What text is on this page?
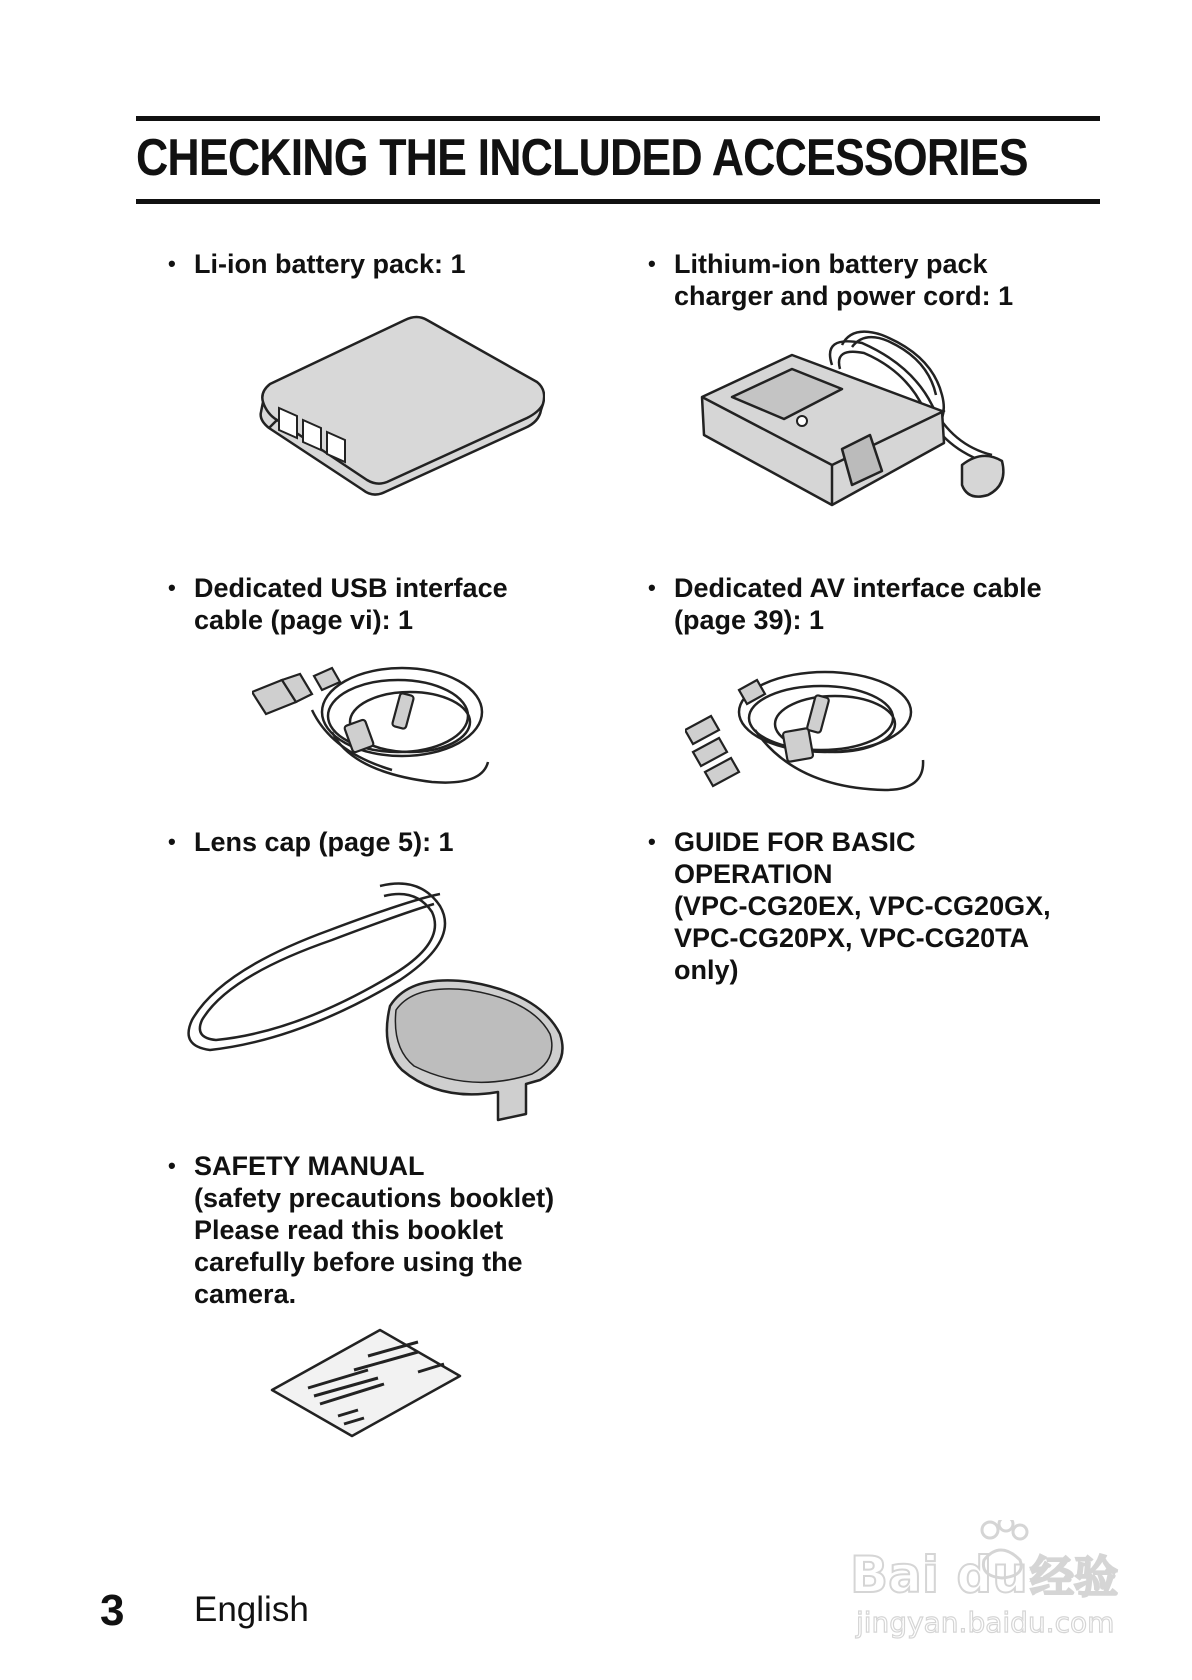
CHECKING THE INCLUDED ACCESSORIES
• Li-ion battery pack: 1	• Lithium-ion battery pack
charger and power cord: 1
• Dedicated USB interface
cable (page vi): 1
• Dedicated AV interface cable
(page 39): 1
• Lens cap (page 5): 1	• GUIDE FOR BASIC
OPERATION
(VPC-CG20EX, VPC-CG20GX,
VPC-CG20PX, VPC-CG20TA
only)
• SAFETY MANUAL
(safety precautions booklet)
Please read this booklet
carefully before using the
camera.
3 English
Bai du 经验
jingyan.baidu.com
